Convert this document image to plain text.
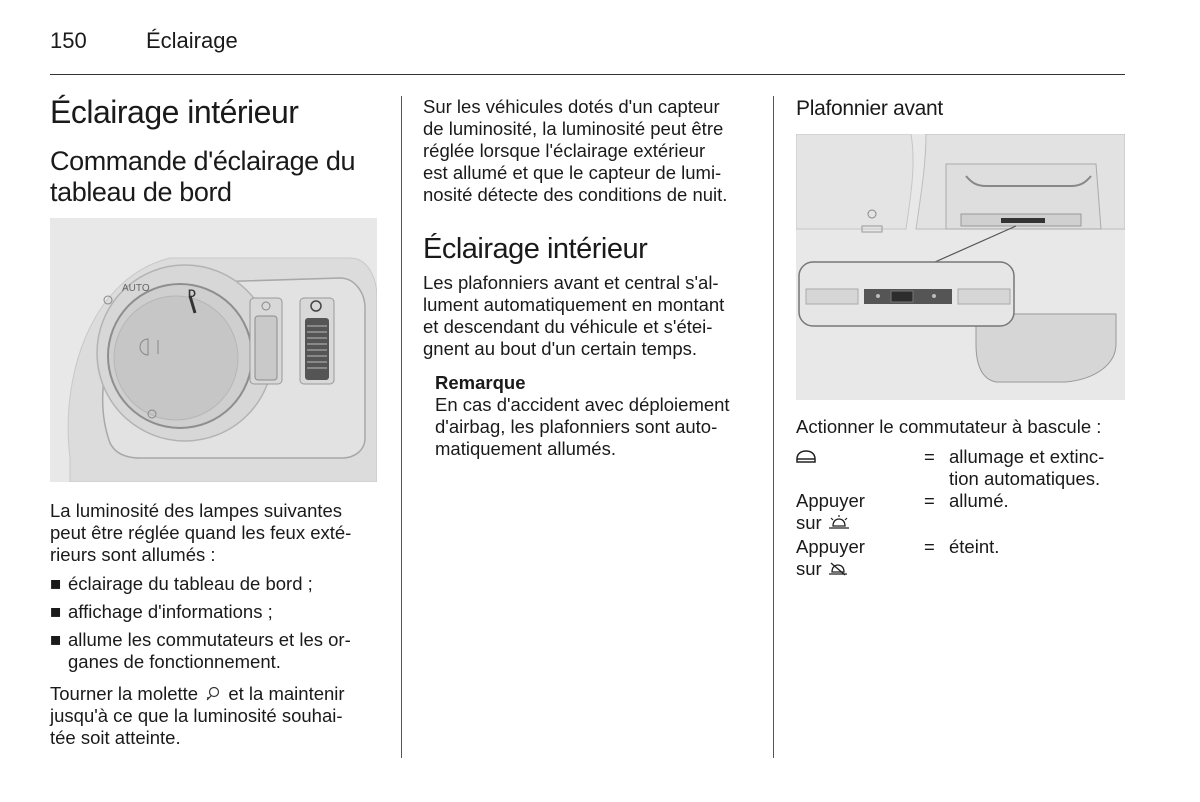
150	Éclairage
Éclairage intérieur
Commande d'éclairage du
tableau de bord
AUTO	D
La luminosité des lampes suivantes
peut être réglée quand les feux exté-
rieurs sont allumés :
■ éclairage du tableau de bord ;
■ affichage d'informations ;
■ allume les commutateurs et les or-
ganes de fonctionnement.
Tourner la molette et la maintenir
jusqu'à ce que la luminosité souhai-
tée soit atteinte.
Sur les véhicules dotés d'un capteur
de luminosité, la luminosité peut être
réglée lorsque l'éclairage extérieur
est allumé et que le capteur de lumi-
nosité détecte des conditions de nuit.
Éclairage intérieur
Les plafonniers avant et central s'al-
lument automatiquement en montant
et descendant du véhicule et s'étei-
gnent au bout d'un certain temps.
Remarque
En cas d'accident avec déploiement
d'airbag, les plafonniers sont auto-
matiquement allumés.
Plafonnier avant
Actionner le commutateur à bascule :
= allumage et extinc-
tion automatiques.
Appuyer
sur
= allumé.
Appuyer
sur
= éteint.
